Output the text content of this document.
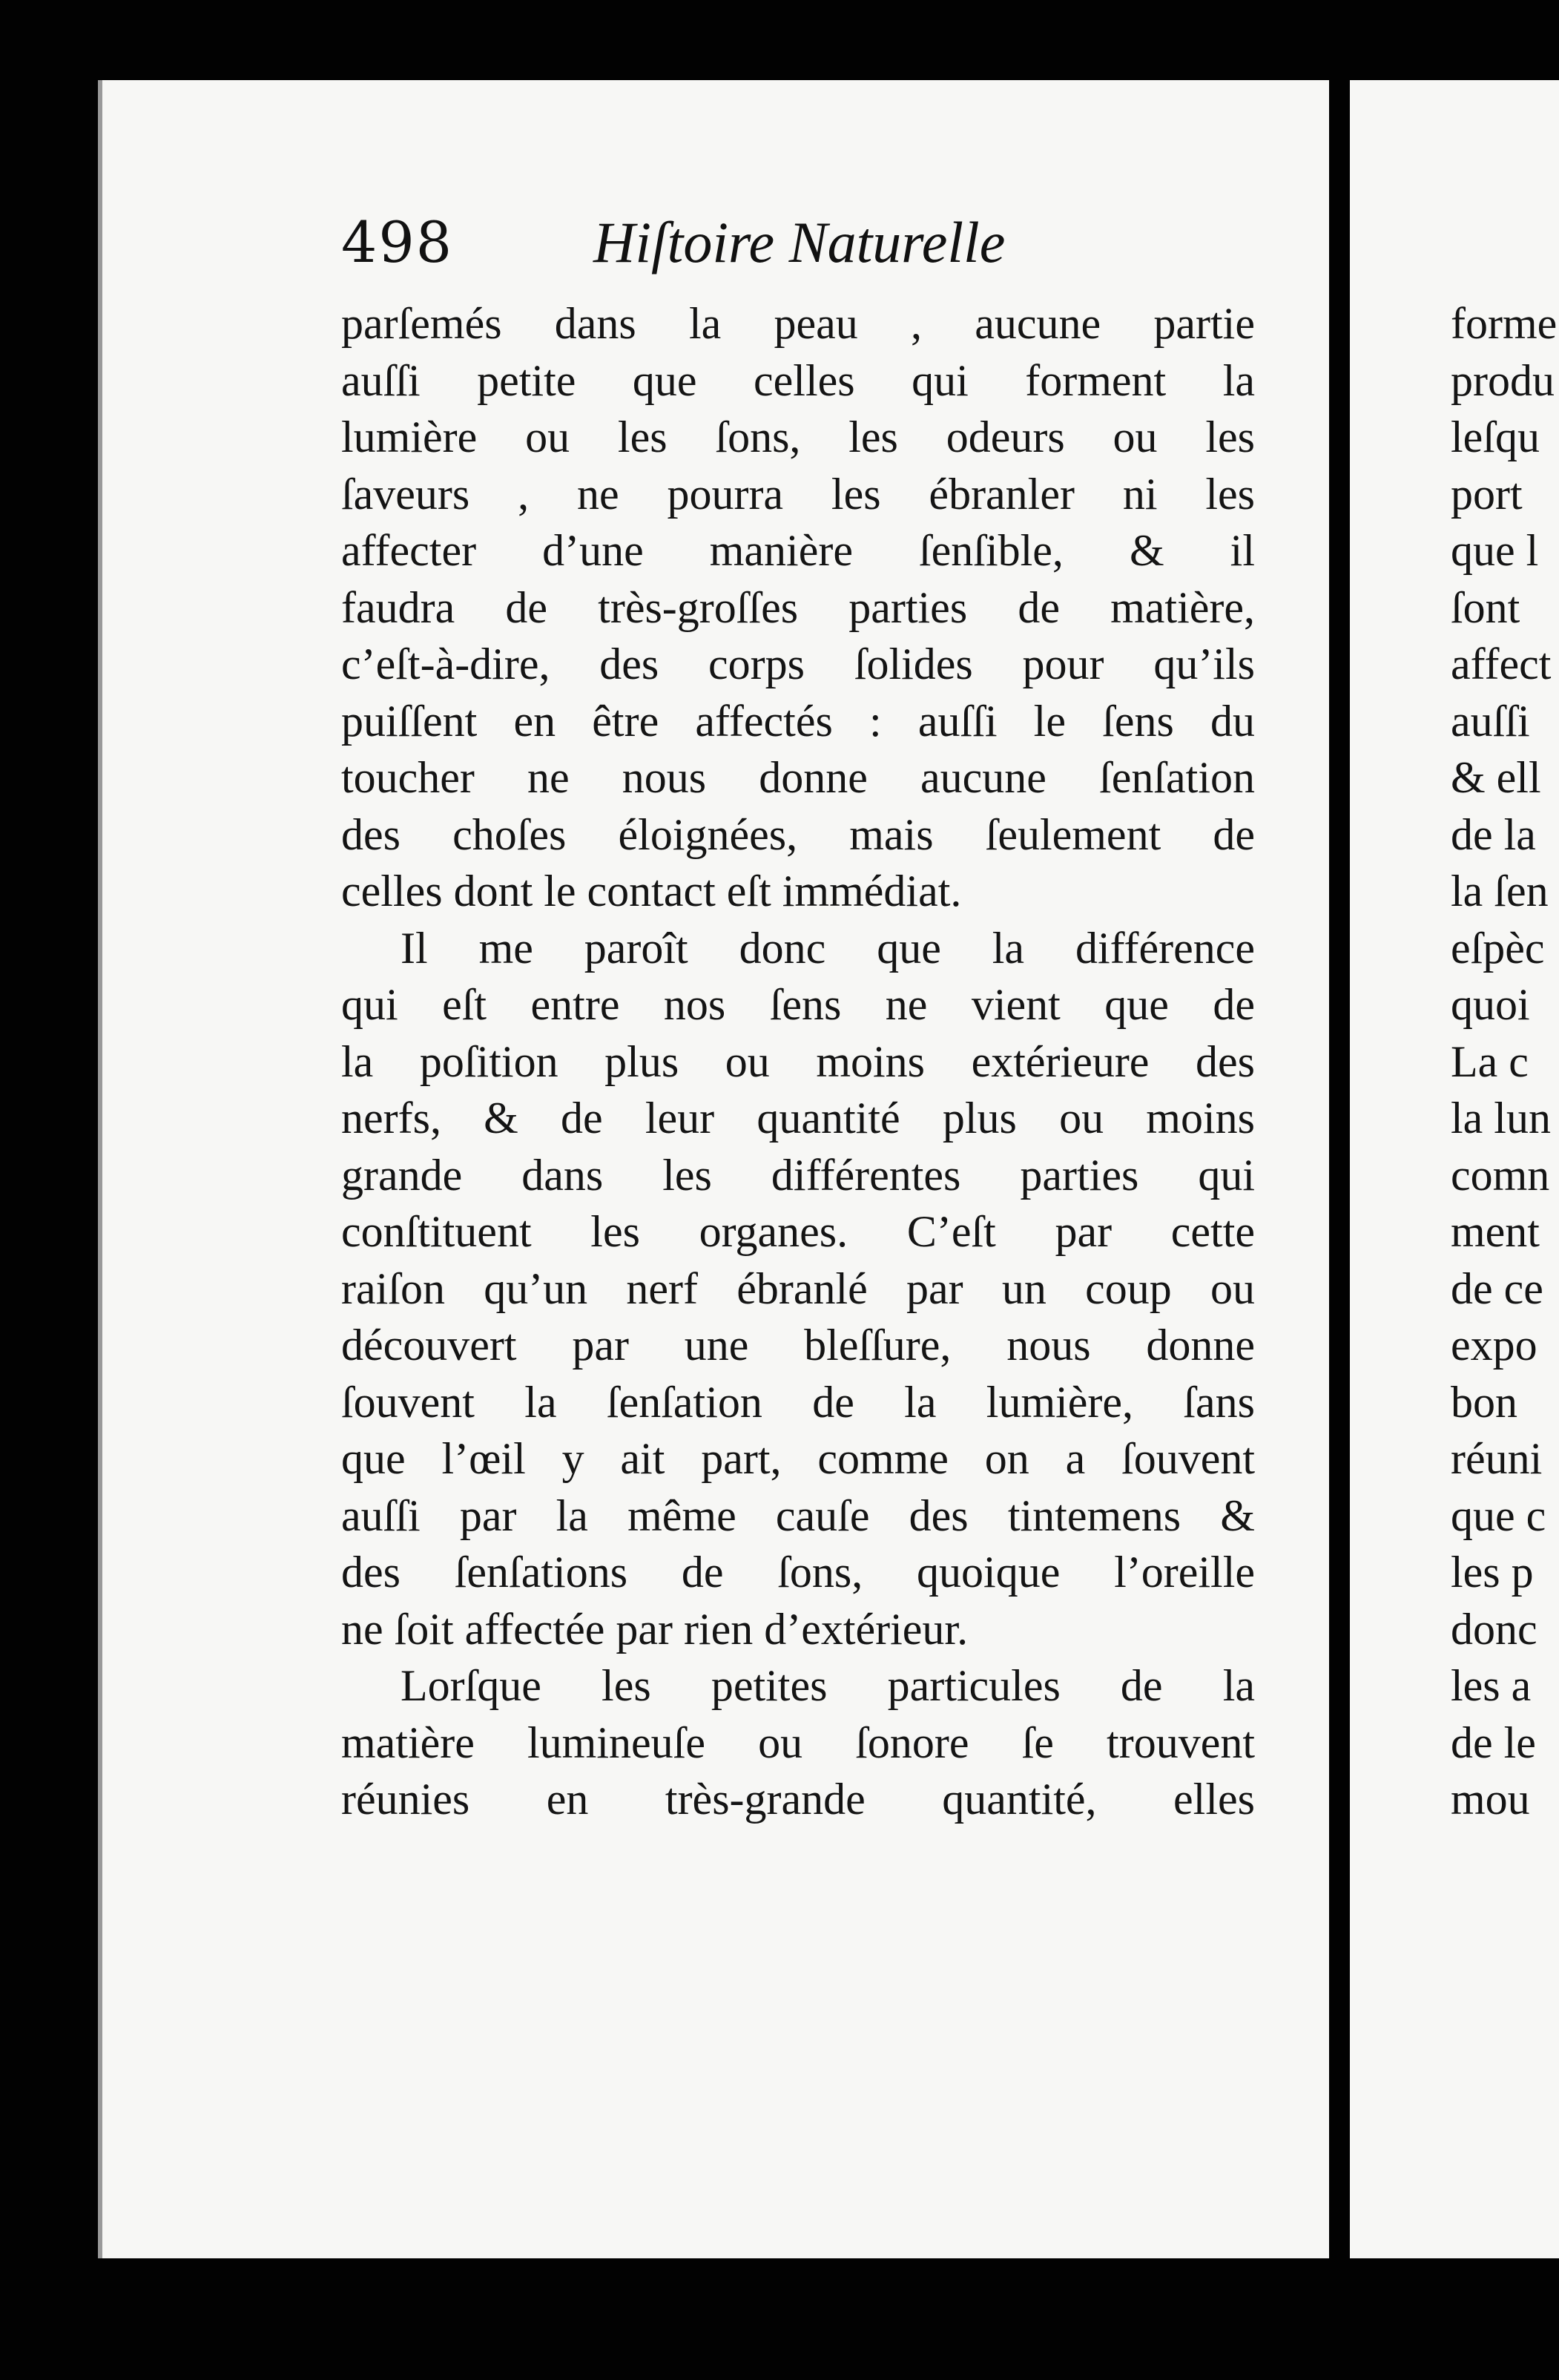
498 Hiſtoire Naturelle
parſemés dans la peau , aucune partie
auſſi petite que celles qui forment la
lumière ou les ſons, les odeurs ou les
ſaveurs , ne pourra les ébranler ni les
affecter d’une manière ſenſible, & il
faudra de très-groſſes parties de matière,
c’eſt-à-dire, des corps ſolides pour qu’ils
puiſſent en être affectés : auſſi le ſens du
toucher ne nous donne aucune ſenſation
des choſes éloignées, mais ſeulement de
celles dont le contact eſt immédiat.
Il me paroît donc que la différence
qui eſt entre nos ſens ne vient que de
la poſition plus ou moins extérieure des
nerfs, & de leur quantité plus ou moins
grande dans les différentes parties qui
conſtituent les organes. C’eſt par cette
raiſon qu’un nerf ébranlé par un coup ou
découvert par une bleſſure, nous donne
ſouvent la ſenſation de la lumière, ſans
que l’œil y ait part, comme on a ſouvent
auſſi par la même cauſe des tintemens &
des ſenſations de ſons, quoique l’oreille
ne ſoit affectée par rien d’extérieur.
Lorſque les petites particules de la
matière lumineuſe ou ſonore ſe trouvent
réunies en très-grande quantité, elles
forme
produ
leſqu
port
que l
ſont
affect
auſſi
& ell
de la
la ſen
eſpèc
quoi
La c
la lun
comn
ment
de ce
expo
bon
réuni
que c
les p
donc
les a
de le
mou
